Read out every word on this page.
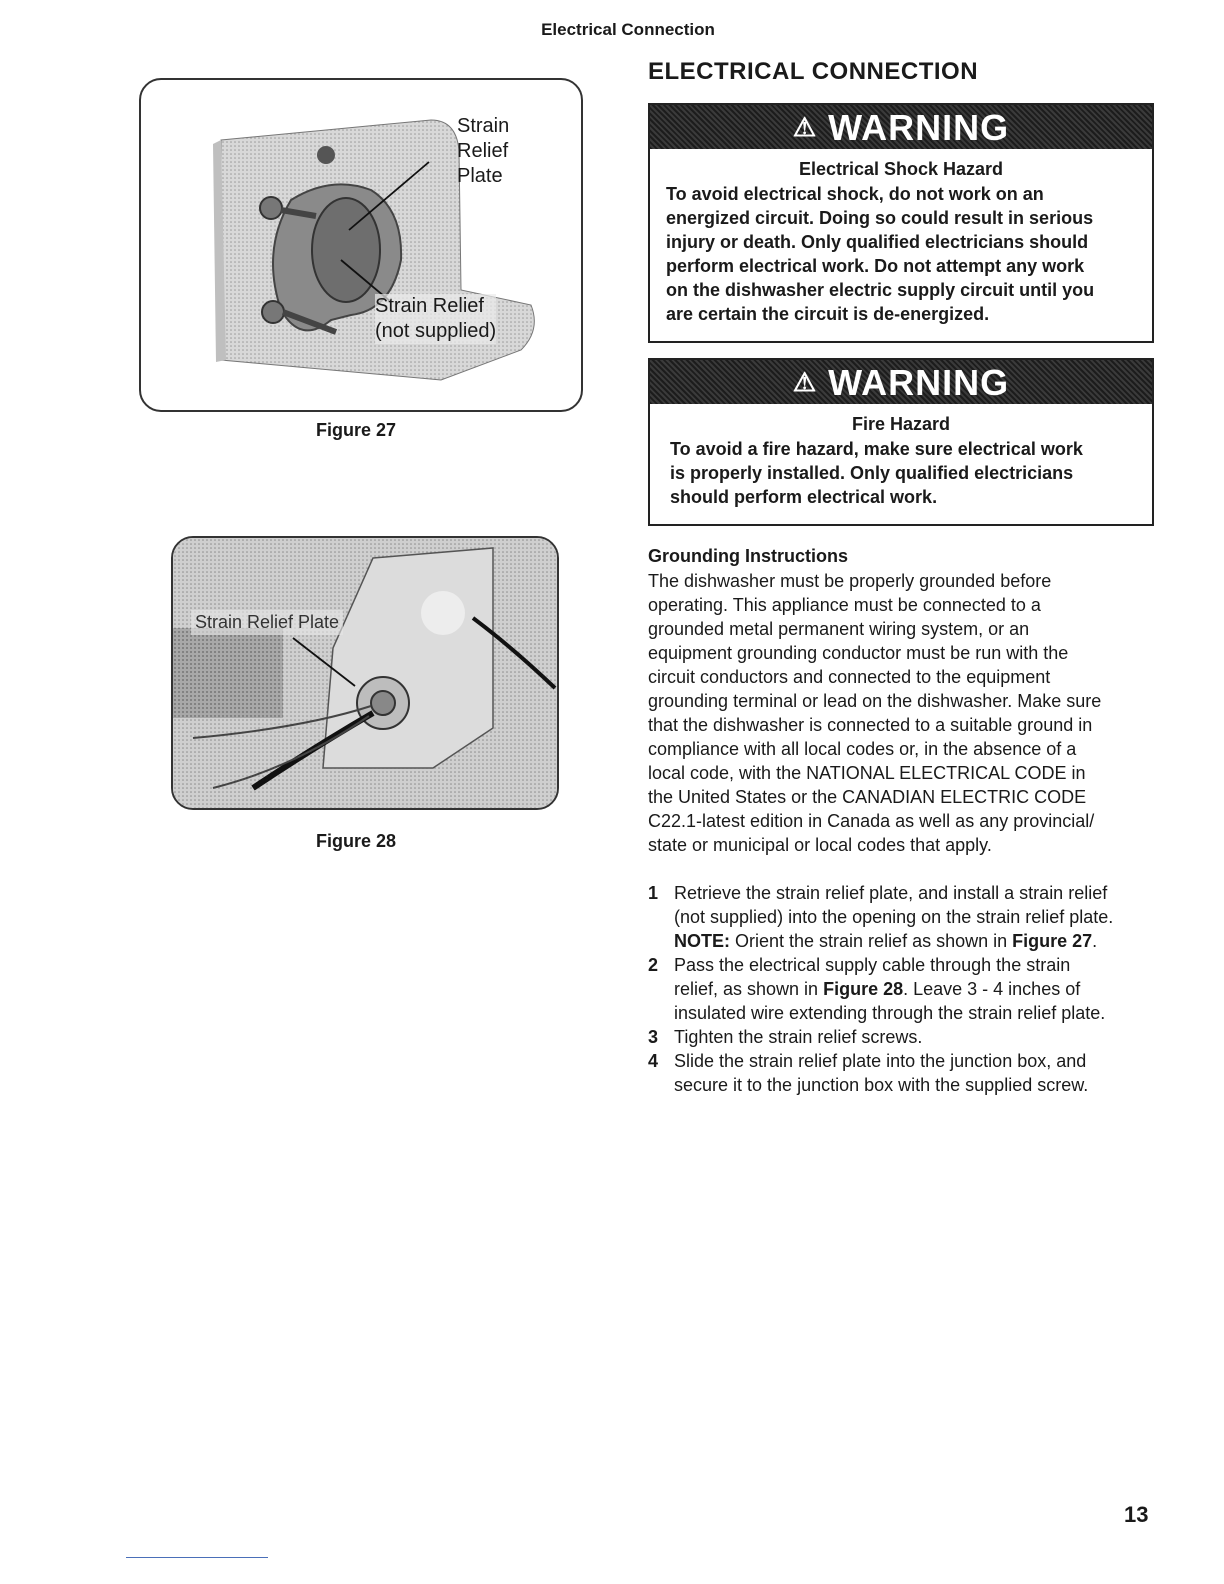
Electrical Connection
Strain
Relief
Plate
Strain Relief
(not supplied)
Figure 27
Strain Relief Plate
Figure 28
ELECTRICAL CONNECTION
⚠ WARNING
Electrical Shock Hazard
To avoid electrical shock, do not work on an
energized circuit. Doing so could result in serious
injury or death. Only qualified electricians should
perform electrical work. Do not attempt any work
on the dishwasher electric supply circuit until you
are certain the circuit is de-energized.
⚠ WARNING
Fire Hazard
To avoid a fire hazard, make sure electrical work
is properly installed. Only qualified electricians
should perform electrical work.
Grounding Instructions
The dishwasher must be properly grounded before
operating. This appliance must be connected to a
grounded metal permanent wiring system, or an
equipment grounding conductor must be run with the
circuit conductors and connected to the equipment
grounding terminal or lead on the dishwasher. Make sure
that the dishwasher is connected to a suitable ground in
compliance with all local codes or, in the absence of a
local code, with the NATIONAL ELECTRICAL CODE in
the United States or the CANADIAN ELECTRIC CODE
C22.1-latest edition in Canada as well as any provincial/
state or municipal or local codes that apply.
1 Retrieve the strain relief plate, and install a strain relief
(not supplied) into the opening on the strain relief plate.
NOTE: Orient the strain relief as shown in Figure 27.
2 Pass the electrical supply cable through the strain
relief, as shown in Figure 28. Leave 3 - 4 inches of
insulated wire extending through the strain relief plate.
3 Tighten the strain relief screws.
4 Slide the strain relief plate into the junction box, and
secure it to the junction box with the supplied screw.
13
